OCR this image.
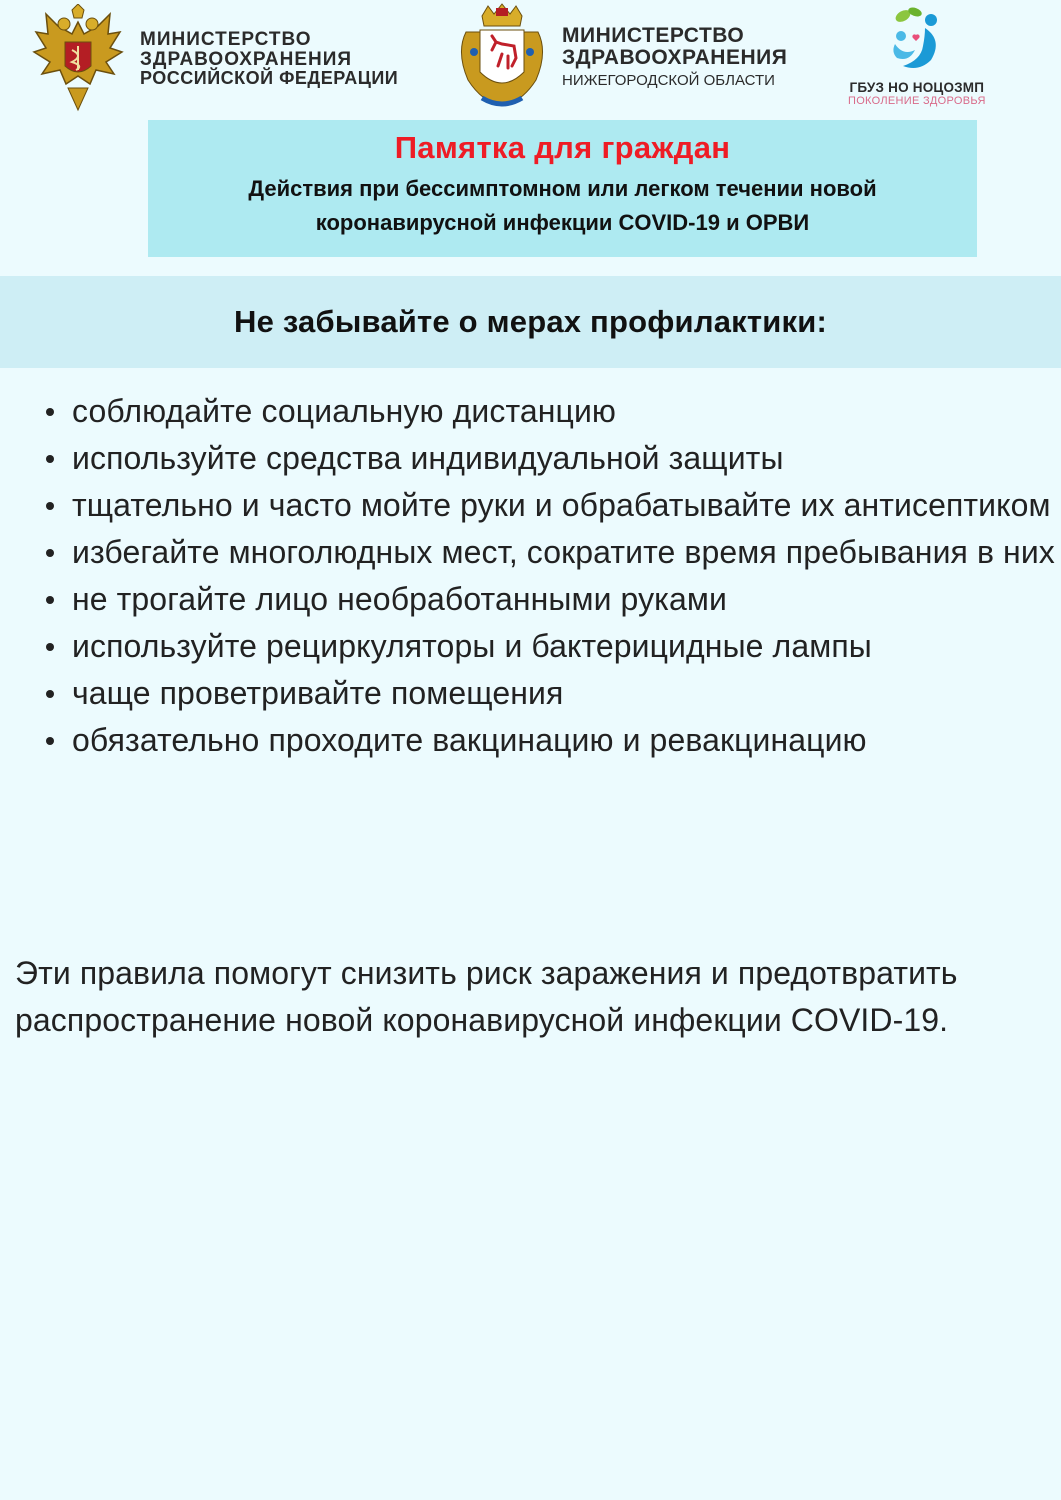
МИНИСТЕРСТВО
ЗДРАВООХРАНЕНИЯ
РОССИЙСКОЙ ФЕДЕРАЦИИ
МИНИСТЕРСТВО
ЗДРАВООХРАНЕНИЯ
НИЖЕГОРОДСКОЙ ОБЛАСТИ	ГБУЗ НО НОЦОЗМП
ПОКОЛЕНИЕ ЗДОРОВЬЯ
Памятка для граждан
Действия при бессимптомном или легком течении новой
коронавирусной инфекции COVID-19 и ОРВИ
Не забывайте о мерах профилактики:
соблюдайте социальную дистанцию
используйте средства индивидуальной защиты
тщательно и часто мойте руки и обрабатывайте их антисептиком
избегайте многолюдных мест, сократите время пребывания в них
не трогайте лицо необработанными руками
используйте рециркуляторы и бактерицидные лампы
чаще проветривайте помещения
обязательно проходите вакцинацию и ревакцинацию
Эти правила помогут снизить риск заражения и предотвратить распространение новой коронавирусной инфекции COVID-19.
